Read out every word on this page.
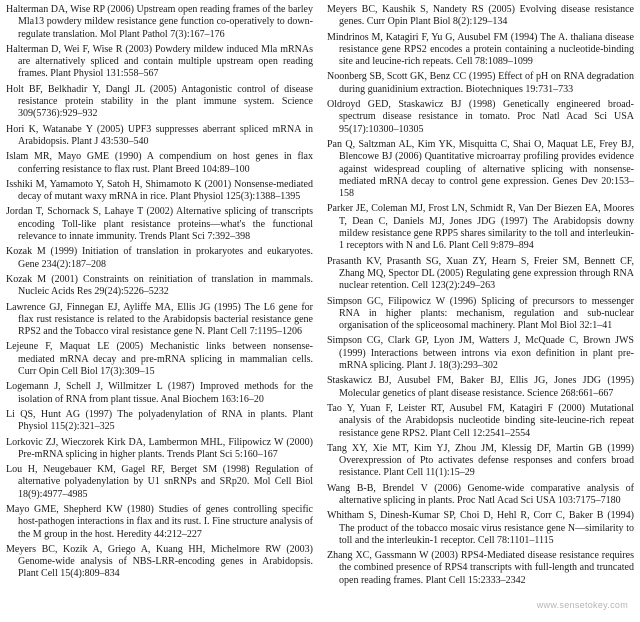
Halterman DA, Wise RP (2006) Upstream open reading frames of the barley Mla13 powdery mildew resistance gene function co-operatively to down-regulate translation. Mol Plant Pathol 7(3):167–176

Halterman D, Wei F, Wise R (2003) Powdery mildew induced Mla mRNAs are alternatively spliced and contain multiple upstream open reading frames. Plant Physiol 131:558–567

Holt BF, Belkhadir Y, Dangl JL (2005) Antagonistic control of disease resistance protein stability in the plant immune system. Science 309(5736):929–932

Hori K, Watanabe Y (2005) UPF3 suppresses aberrant spliced mRNA in Arabidopsis. Plant J 43:530–540

Islam MR, Mayo GME (1990) A compendium on host genes in flax conferring resistance to flax rust. Plant Breed 104:89–100

Isshiki M, Yamamoto Y, Satoh H, Shimamoto K (2001) Nonsense-mediated decay of mutant waxy mRNA in rice. Plant Physiol 125(3):1388–1395

Jordan T, Schornack S, Lahaye T (2002) Alternative splicing of transcripts encoding Toll-like plant resistance proteins—what's the functional relevance to innate immunity. Trends Plant Sci 7:392–398

Kozak M (1999) Initiation of translation in prokaryotes and eukaryotes. Gene 234(2):187–208

Kozak M (2001) Constraints on reinitiation of translation in mammals. Nucleic Acids Res 29(24):5226–5232

Lawrence GJ, Finnegan EJ, Ayliffe MA, Ellis JG (1995) The L6 gene for flax rust resistance is related to the Arabidopsis bacterial resistance gene RPS2 and the Tobacco viral resistance gene N. Plant Cell 7:1195–1206

Lejeune F, Maquat LE (2005) Mechanistic links between nonsense-mediated mRNA decay and pre-mRNA splicing in mammalian cells. Curr Opin Cell Biol 17(3):309–15

Logemann J, Schell J, Willmitzer L (1987) Improved methods for the isolation of RNA from plant tissue. Anal Biochem 163:16–20

Li QS, Hunt AG (1997) The polyadenylation of RNA in plants. Plant Physiol 115(2):321–325

Lorkovic ZJ, Wieczorek Kirk DA, Lambermon MHL, Filipowicz W (2000) Pre-mRNA splicing in higher plants. Trends Plant Sci 5:160–167

Lou H, Neugebauer KM, Gagel RF, Berget SM (1998) Regulation of alternative polyadenylation by U1 snRNPs and SRp20. Mol Cell Biol 18(9):4977–4985

Mayo GME, Shepherd KW (1980) Studies of genes controlling specific host-pathogen interactions in flax and its rust. I. Fine structure analysis of the M group in the host. Heredity 44:212–227

Meyers BC, Kozik A, Griego A, Kuang HH, Michelmore RW (2003) Genome-wide analysis of NBS-LRR-encoding genes in Arabidopsis. Plant Cell 15(4):809–834

Meyers BC, Kaushik S, Nandety RS (2005) Evolving disease resistance genes. Curr Opin Plant Biol 8(2):129–134

Mindrinos M, Katagiri F, Yu G, Ausubel FM (1994) The A. thaliana disease resistance gene RPS2 encodes a protein containing a nucleotide-binding site and leucine-rich repeats. Cell 78:1089–1099

Noonberg SB, Scott GK, Benz CC (1995) Effect of pH on RNA degradation during guanidinium extraction. Biotechniques 19:731–733

Oldroyd GED, Staskawicz BJ (1998) Genetically engineered broad-spectrum disease resistance in tomato. Proc Natl Acad Sci USA 95(17):10300–10305

Pan Q, Saltzman AL, Kim YK, Misquitta C, Shai O, Maquat LE, Frey BJ, Blencowe BJ (2006) Quantitative microarray profiling provides evidence against widespread coupling of alternative splicing with nonsense-mediated mRNA decay to control gene expression. Genes Dev 20:153–158

Parker JE, Coleman MJ, Frost LN, Schmidt R, Van Der Biezen EA, Moores T, Dean C, Daniels MJ, Jones JDG (1997) The Arabidopsis downy mildew resistance gene RPP5 shares similarity to the toll and interleukin-1 receptors with N and L6. Plant Cell 9:879–894

Prasanth KV, Prasanth SG, Xuan ZY, Hearn S, Freier SM, Bennett CF, Zhang MQ, Spector DL (2005) Regulating gene expression through RNA nuclear retention. Cell 123(2):249–263

Simpson GC, Filipowicz W (1996) Splicing of precursors to messenger RNA in higher plants: mechanism, regulation and sub-nuclear organisation of the spliceosomal machinery. Plant Mol Biol 32:1–41

Simpson CG, Clark GP, Lyon JM, Watters J, McQuade C, Brown JWS (1999) Interactions between introns via exon definition in plant pre- mRNA splicing. Plant J. 18(3):293–302

Staskawicz BJ, Ausubel FM, Baker BJ, Ellis JG, Jones JDG (1995) Molecular genetics of plant disease resistance. Science 268:661–667

Tao Y, Yuan F, Leister RT, Ausubel FM, Katagiri F (2000) Mutational analysis of the Arabidopsis nucleotide binding site-leucine-rich repeat resistance gene RPS2. Plant Cell 12:2541–2554

Tang XY, Xie MT, Kim YJ, Zhou JM, Klessig DF, Martin GB (1999) Overexpression of Pto activates defense responses and confers broad resistance. Plant Cell 11(1):15–29

Wang B-B, Brendel V (2006) Genome-wide comparative analysis of alternative splicing in plants. Proc Natl Acad Sci USA 103:7175–7180

Whitham S, Dinesh-Kumar SP, Choi D, Hehl R, Corr C, Baker B (1994) The product of the tobacco mosaic virus resistance gene N—similarity to toll and the interleukin-1 receptor. Cell 78:1101–1115

Zhang XC, Gassmann W (2003) RPS4-Mediated disease resistance requires the combined presence of RPS4 transcripts with full-length and truncated open reading frames. Plant Cell 15:2333–2342

www.sensetokey.com
